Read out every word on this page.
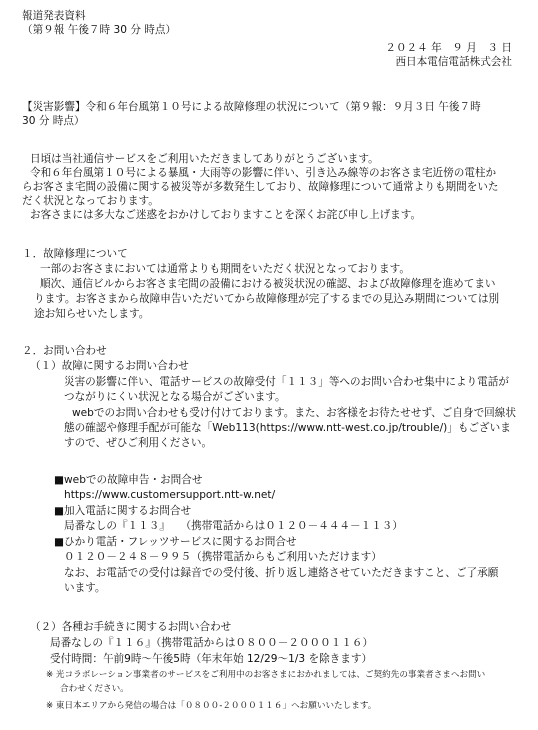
報道発表資料
（第９報 午後７時 30 分 時点）
２０２４ 年　９ 月　３ 日
西日本電信電話株式会社
【災害影響】令和６年台風第１０号による故障修理の状況について（第９報：９月３日 午後７時
30 分 時点）
日頃は当社通信サービスをご利用いただきましてありがとうございます。
令和６年台風第１０号による暴風・大雨等の影響に伴い、引き込み線等のお客さま宅近傍の電柱か
らお客さま宅間の設備に関する被災等が多数発生しており、故障修理について通常よりも期間をいた
だく状況となっております。
お客さまには多大なご迷惑をおかけしておりますことを深くお詫び申し上げます。
１．故障修理について
一部のお客さまにおいては通常よりも期間をいただく状況となっております。
順次、通信ビルからお客さま宅間の設備における被災状況の確認、および故障修理を進めてまい
ります。お客さまから故障申告いただいてから故障修理が完了するまでの見込み期間については別
途お知らせいたします。
２．お問い合わせ
（１）故障に関するお問い合わせ
災害の影響に伴い、電話サービスの故障受付「１１３」等へのお問い合わせ集中により電話が
つながりにくい状況となる場合がございます。
webでのお問い合わせも受け付けております。また、お客様をお待たせせず、ご自身で回線状
態の確認や修理手配が可能な「Web113(https://www.ntt-west.co.jp/trouble/)」もございま
すので、ぜひご利用ください。
■webでの故障申告・お問合せ
https://www.customersupport.ntt-w.net/
■加入電話に関するお問合せ
局番なしの『１１３』　　（携帯電話からは０１２０－４４４－１１３）
■ひかり電話・フレッツサービスに関するお問合せ
０１２０－２４８－９９５（携帯電話からもご利用いただけます）
なお、お電話での受付は録音での受付後、折り返し連絡させていただきますこと、ご了承願
います。
（２）各種お手続きに関するお問い合わせ
局番なしの『１１６』（携帯電話からは０８００－２０００１１６）
受付時間：午前9時～午後5時（年末年始 12/29～1/3 を除きます）
※ 光コラボレーション事業者のサービスをご利用中のお客さまにおかれましては、ご契約先の事業者さまへお問い
合わせください。
※ 東日本エリアから発信の場合は「０８００-２０００１１６」へお願いいたします。
